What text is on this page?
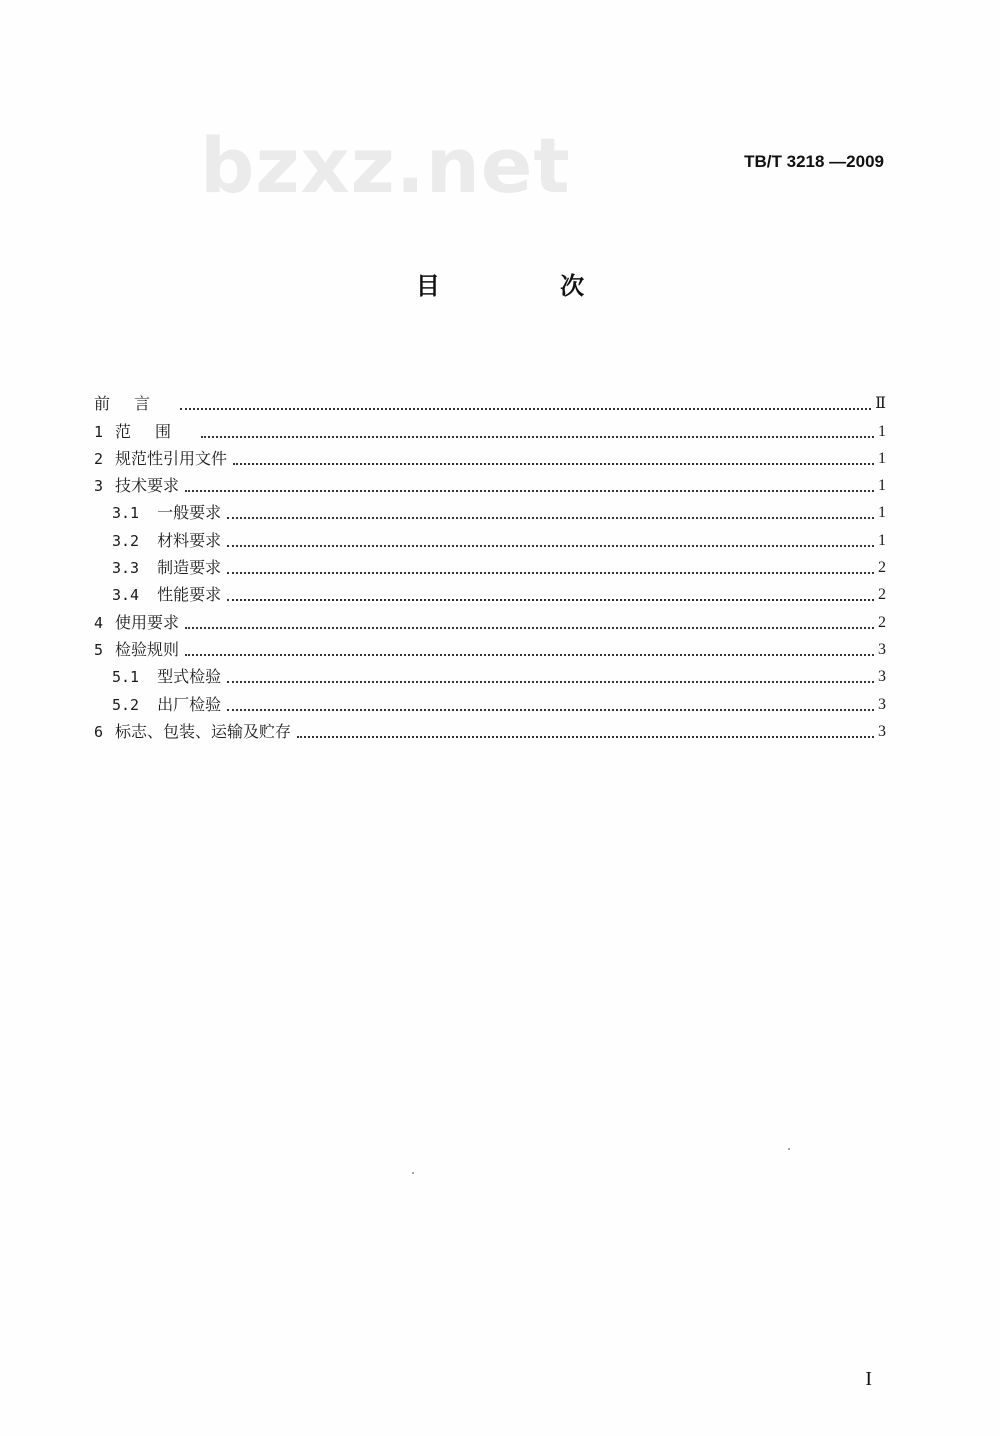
bzxz.net	TB/T 3218 —2009
目 次
前言	Ⅱ
1 范围	1
2 规范性引用文件	1
3 技术要求	1
3.1 一般要求	1
3.2 材料要求	1
3.3 制造要求	2
3.4 性能要求	2
4 使用要求	2
5 检验规则	3
5.1 型式检验	3
5.2 出厂检验	3
6 标志、包装、运输及贮存	3
I
